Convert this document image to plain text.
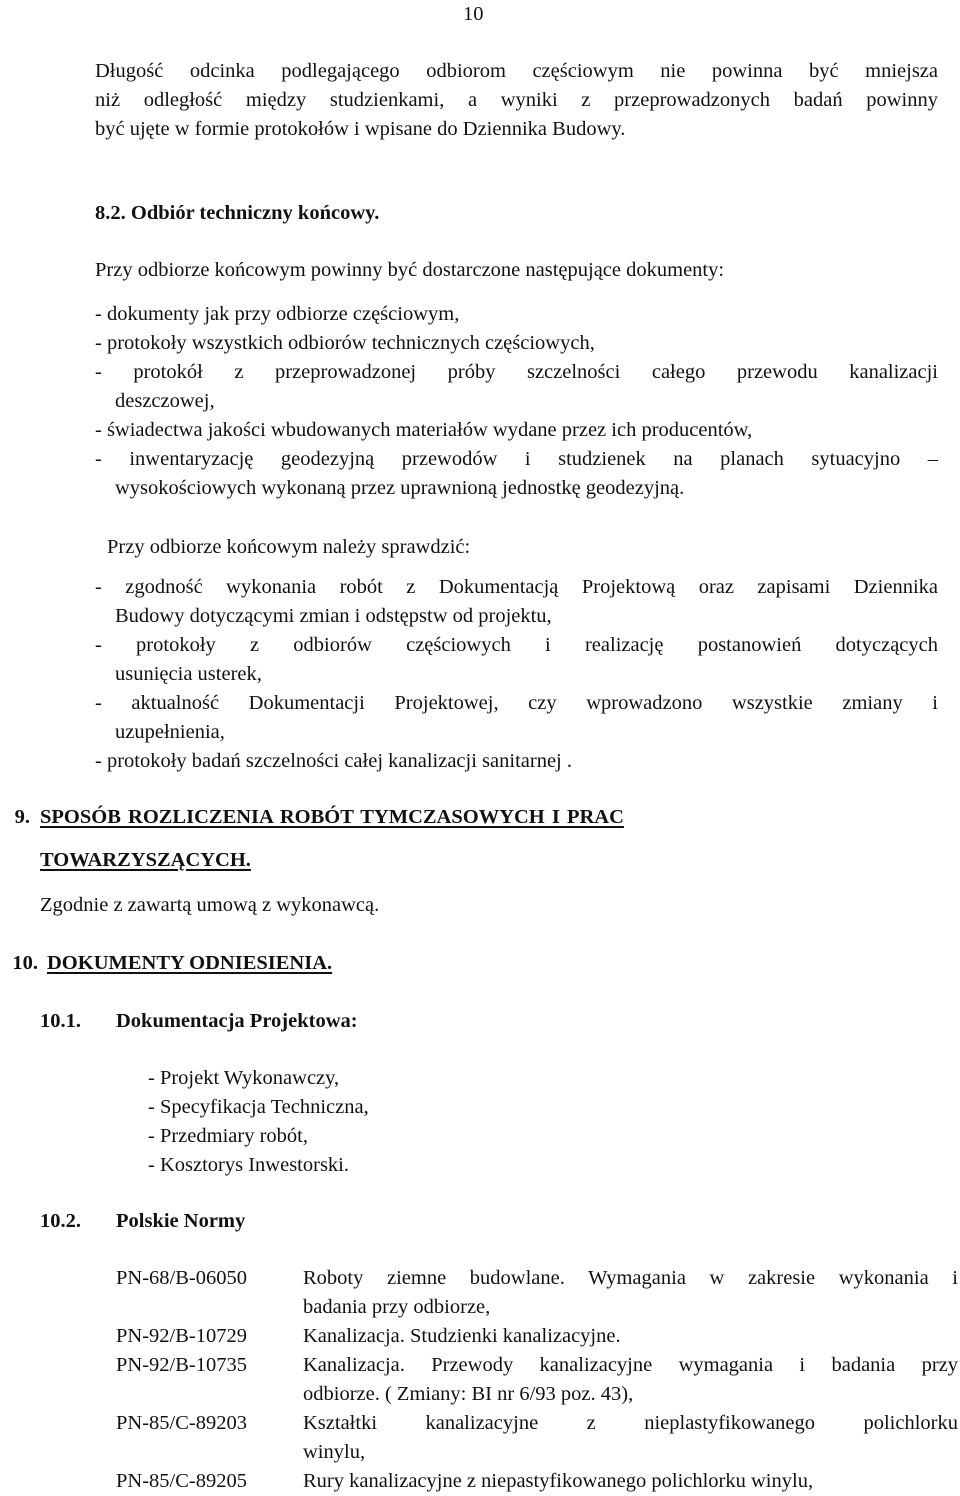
10
Długość odcinka podlegającego odbiorom częściowym nie powinna być mniejsza
niż odległość między studzienkami, a wyniki z przeprowadzonych badań powinny
być ujęte w formie protokołów i wpisane do Dziennika Budowy.
8.2. Odbiór techniczny końcowy.
Przy odbiorze końcowym powinny być dostarczone następujące dokumenty:
- dokumenty jak przy odbiorze częściowym,
- protokoły wszystkich odbiorów technicznych częściowych,
- protokół z przeprowadzonej próby szczelności całego przewodu kanalizacji
deszczowej,
- świadectwa jakości wbudowanych materiałów wydane przez ich producentów,
- inwentaryzację geodezyjną przewodów i studzienek na planach sytuacyjno –
wysokościowych wykonaną przez uprawnioną jednostkę geodezyjną.
Przy odbiorze końcowym należy sprawdzić:
- zgodność wykonania robót z Dokumentacją Projektową oraz zapisami Dziennika
Budowy dotyczącymi zmian i odstępstw od projektu,
- protokoły z odbiorów częściowych i realizację postanowień dotyczących
usunięcia usterek,
- aktualność Dokumentacji Projektowej, czy wprowadzono wszystkie zmiany i
uzupełnienia,
- protokoły badań szczelności całej kanalizacji sanitarnej .
9. SPOSÓB ROZLICZENIA ROBÓT TYMCZASOWYCH I PRAC
TOWARZYSZĄCYCH.
Zgodnie z zawartą umową z wykonawcą.
10. DOKUMENTY ODNIESIENIA.
10.1. Dokumentacja Projektowa:
- Projekt Wykonawczy,
- Specyfikacja Techniczna,
- Przedmiary robót,
- Kosztorys Inwestorski.
10.2. Polskie Normy
PN-68/B-06050	Roboty ziemne budowlane. Wymagania w zakresie wykonania i
badania przy odbiorze,

PN-92/B-10729	Kanalizacja. Studzienki kanalizacyjne.

PN-92/B-10735	Kanalizacja. Przewody kanalizacyjne wymagania i badania przy
odbiorze. ( Zmiany: BI nr 6/93 poz. 43),

PN-85/C-89203	Kształtki kanalizacyjne z nieplastyfikowanego polichlorku
winylu,

PN-85/C-89205	Rury kanalizacyjne z niepastyfikowanego polichlorku winylu,
